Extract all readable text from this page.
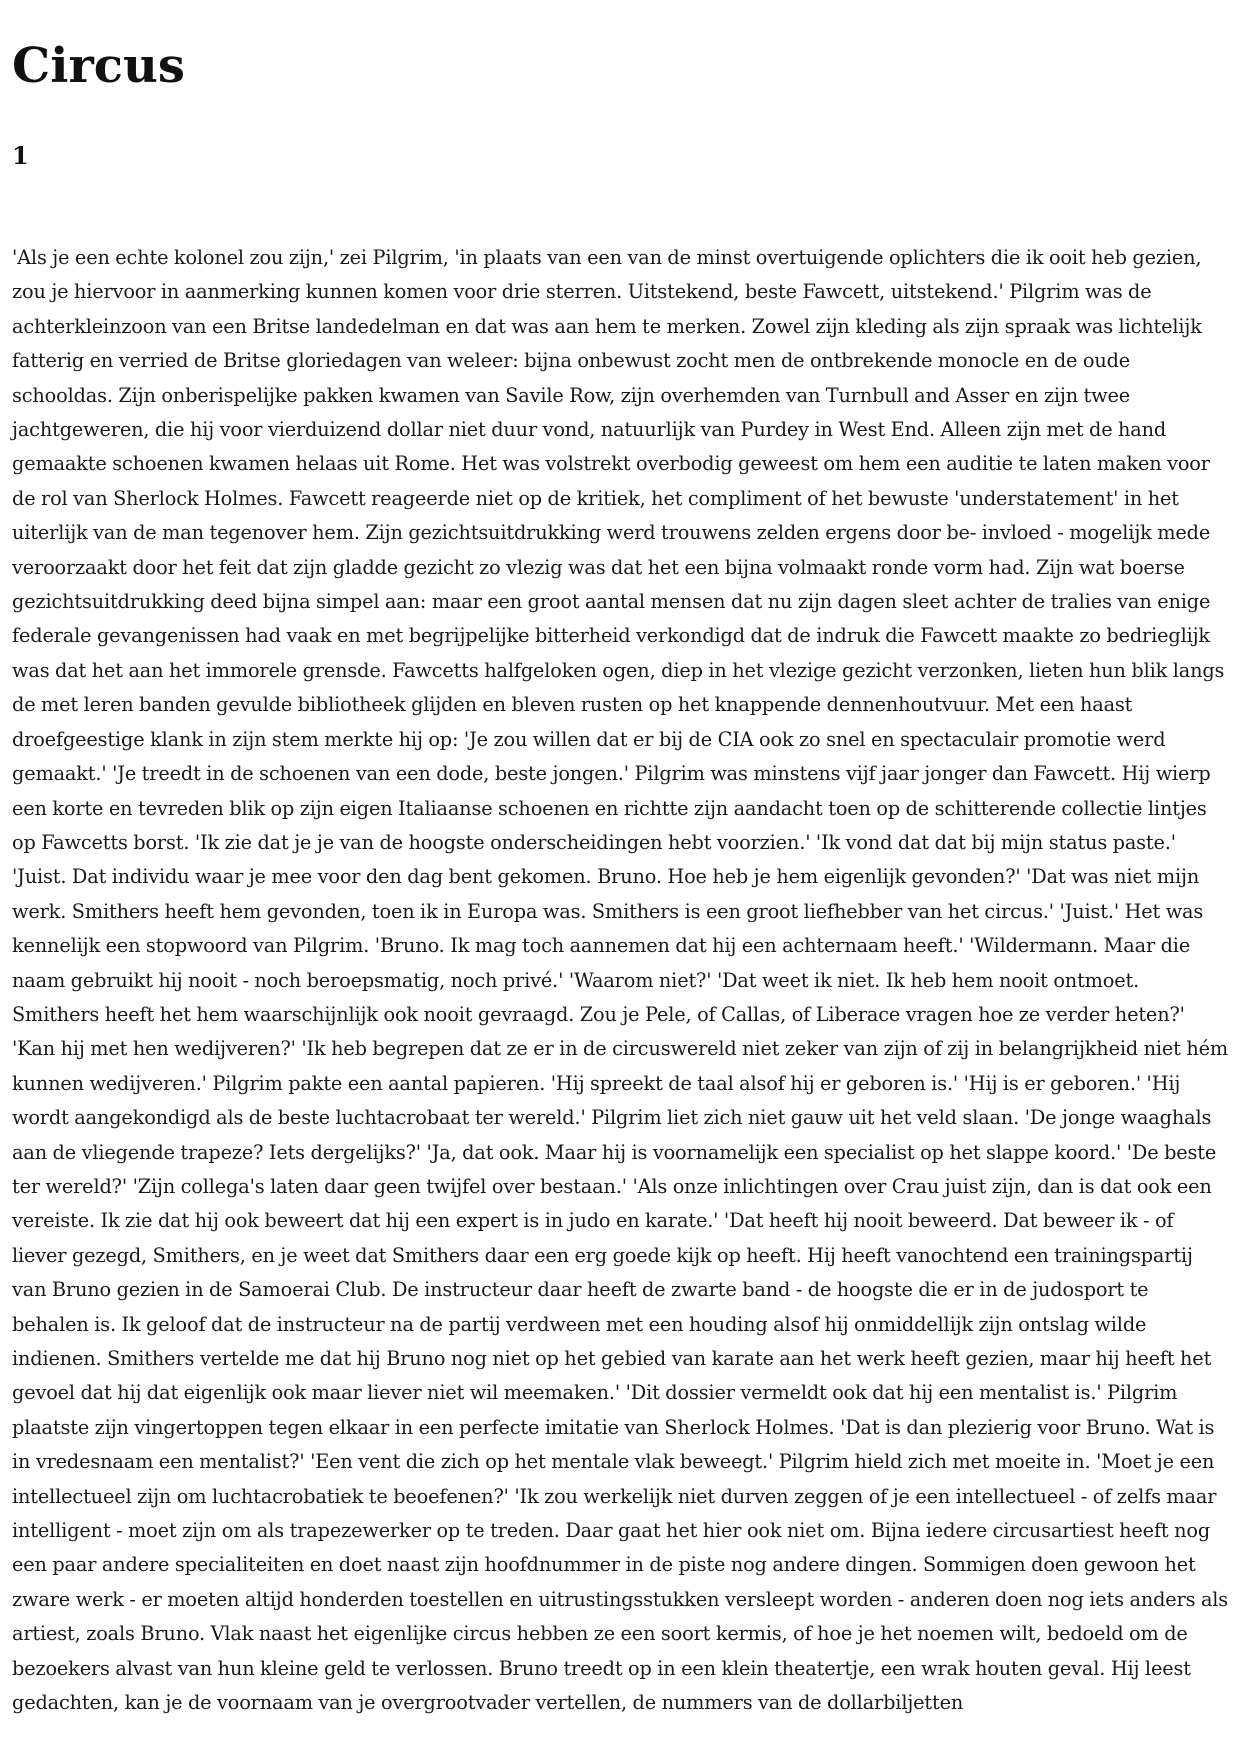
Circus
1

'Als je een echte kolonel zou zijn,' zei Pilgrim, 'in plaats van een van de minst overtuigende oplichters die ik ooit heb gezien, zou je hiervoor in aanmerking kunnen komen voor drie sterren. Uitstekend, beste Fawcett, uitstekend.' Pilgrim was de achterkleinzoon van een Britse landedelman en dat was aan hem te merken. Zowel zijn kleding als zijn spraak was lichtelijk fatterig en verried de Britse gloriedagen van weleer: bijna onbewust zocht men de ontbrekende monocle en de oude schooldas. Zijn onberispelijke pakken kwamen van Savile Row, zijn overhemden van Turnbull and Asser en zijn twee jachtgeweren, die hij voor vierduizend dollar niet duur vond, natuurlijk van Purdey in West End. Alleen zijn met de hand gemaakte schoenen kwamen helaas uit Rome. Het was volstrekt overbodig geweest om hem een auditie te laten maken voor de rol van Sherlock Holmes. Fawcett reageerde niet op de kritiek, het compliment of het bewuste 'understatement' in het uiterlijk van de man tegenover hem. Zijn gezichtsuitdrukking werd trouwens zelden ergens door be- invloed - mogelijk mede veroorzaakt door het feit dat zijn gladde gezicht zo vlezig was dat het een bijna volmaakt ronde vorm had. Zijn wat boerse gezichtsuitdrukking deed bijna simpel aan: maar een groot aantal mensen dat nu zijn dagen sleet achter de tralies van enige federale gevangenissen had vaak en met begrijpelijke bitterheid verkondigd dat de indruk die Fawcett maakte zo bedrieglijk was dat het aan het immorele grensde. Fawcetts halfgeloken ogen, diep in het vlezige gezicht verzonken, lieten hun blik langs de met leren banden gevulde bibliotheek glijden en bleven rusten op het knappende dennenhoutvuur. Met een haast droefgeestige klank in zijn stem merkte hij op: 'Je zou willen dat er bij de CIA ook zo snel en spectaculair promotie werd gemaakt.' 'Je treedt in de schoenen van een dode, beste jongen.' Pilgrim was minstens vijf jaar jonger dan Fawcett. Hij wierp een korte en tevreden blik op zijn eigen Italiaanse schoenen en richtte zijn aandacht toen op de schitterende collectie lintjes op Fawcetts borst. 'Ik zie dat je je van de hoogste onderscheidingen hebt voorzien.' 'Ik vond dat dat bij mijn status paste.' 'Juist. Dat individu waar je mee voor den dag bent gekomen. Bruno. Hoe heb je hem eigenlijk gevonden?' 'Dat was niet mijn werk. Smithers heeft hem gevonden, toen ik in Europa was. Smithers is een groot liefhebber van het circus.' 'Juist.' Het was kennelijk een stopwoord van Pilgrim. 'Bruno. Ik mag toch aannemen dat hij een achternaam heeft.' 'Wildermann. Maar die naam gebruikt hij nooit - noch beroepsmatig, noch privé.' 'Waarom niet?' 'Dat weet ik niet. Ik heb hem nooit ontmoet. Smithers heeft het hem waarschijnlijk ook nooit gevraagd. Zou je Pele, of Callas, of Liberace vragen hoe ze verder heten?' 'Kan hij met hen wedijveren?' 'Ik heb begrepen dat ze er in de circuswereld niet zeker van zijn of zij in belangrijkheid niet hém kunnen wedijveren.' Pilgrim pakte een aantal papieren. 'Hij spreekt de taal alsof hij er geboren is.' 'Hij is er geboren.' 'Hij wordt aangekondigd als de beste luchtacrobaat ter wereld.' Pilgrim liet zich niet gauw uit het veld slaan. 'De jonge waaghals aan de vliegende trapeze? Iets dergelijks?' 'Ja, dat ook. Maar hij is voornamelijk een specialist op het slappe koord.' 'De beste ter wereld?' 'Zijn collega's laten daar geen twijfel over bestaan.' 'Als onze inlichtingen over Crau juist zijn, dan is dat ook een vereiste. Ik zie dat hij ook beweert dat hij een expert is in judo en karate.' 'Dat heeft hij nooit beweerd. Dat beweer ik - of liever gezegd, Smithers, en je weet dat Smithers daar een erg goede kijk op heeft. Hij heeft vanochtend een trainingspartij van Bruno gezien in de Samoerai Club. De instructeur daar heeft de zwarte band - de hoogste die er in de judosport te behalen is. Ik geloof dat de instructeur na de partij verdween met een houding alsof hij onmiddellijk zijn ontslag wilde indienen. Smithers vertelde me dat hij Bruno nog niet op het gebied van karate aan het werk heeft gezien, maar hij heeft het gevoel dat hij dat eigenlijk ook maar liever niet wil meemaken.' 'Dit dossier vermeldt ook dat hij een mentalist is.' Pilgrim plaatste zijn vingertoppen tegen elkaar in een perfecte imitatie van Sherlock Holmes. 'Dat is dan plezierig voor Bruno. Wat is in vredesnaam een mentalist?' 'Een vent die zich op het mentale vlak beweegt.' Pilgrim hield zich met moeite in. 'Moet je een intellectueel zijn om luchtacrobatiek te beoefenen?' 'Ik zou werkelijk niet durven zeggen of je een intellectueel - of zelfs maar intelligent - moet zijn om als trapezewerker op te treden. Daar gaat het hier ook niet om. Bijna iedere circusartiest heeft nog een paar andere specialiteiten en doet naast zijn hoofdnummer in de piste nog andere dingen. Sommigen doen gewoon het zware werk - er moeten altijd honderden toestellen en uitrustingsstukken versleept worden - anderen doen nog iets anders als artiest, zoals Bruno. Vlak naast het eigenlijke circus hebben ze een soort kermis, of hoe je het noemen wilt, bedoeld om de bezoekers alvast van hun kleine geld te verlossen. Bruno treedt op in een klein theatertje, een wrak houten geval. Hij leest gedachten, kan je de voornaam van je overgrootvader vertellen, de nummers van de dollarbiljetten
